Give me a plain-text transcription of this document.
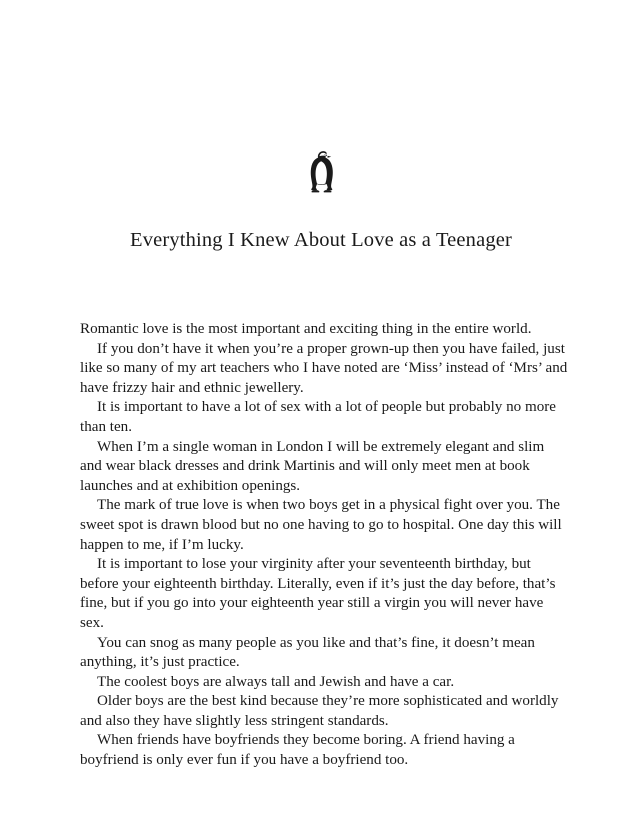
Everything I Knew About Love as a Teenager

Romantic love is the most important and exciting thing in the entire world.

If you don’t have it when you’re a proper grown-up then you have failed, just like so many of my art teachers who I have noted are ‘Miss’ instead of ‘Mrs’ and have frizzy hair and ethnic jewellery.

It is important to have a lot of sex with a lot of people but probably no more than ten.

When I’m a single woman in London I will be extremely elegant and slim and wear black dresses and drink Martinis and will only meet men at book launches and at exhibition openings.

The mark of true love is when two boys get in a physical fight over you. The sweet spot is drawn blood but no one having to go to hospital. One day this will happen to me, if I’m lucky.

It is important to lose your virginity after your seventeenth birthday, but before your eighteenth birthday. Literally, even if it’s just the day before, that’s fine, but if you go into your eighteenth year still a virgin you will never have sex.

You can snog as many people as you like and that’s fine, it doesn’t mean anything, it’s just practice.

The coolest boys are always tall and Jewish and have a car.

Older boys are the best kind because they’re more sophisticated and worldly and also they have slightly less stringent standards.

When friends have boyfriends they become boring. A friend having a boyfriend is only ever fun if you have a boyfriend too.
